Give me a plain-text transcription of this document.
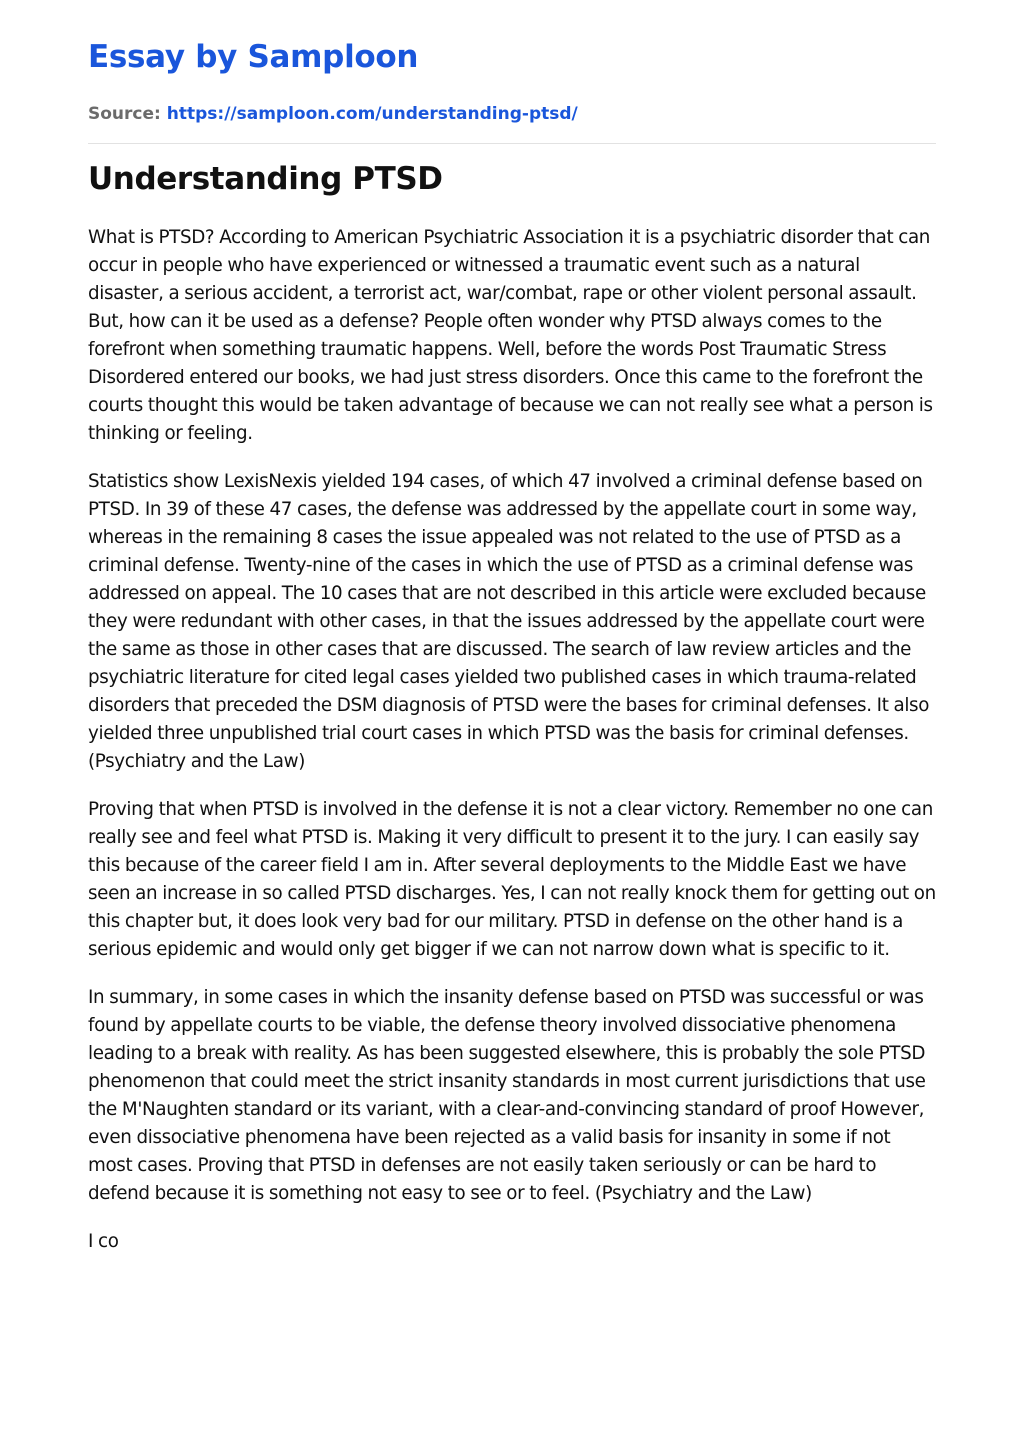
Essay by Samploon
Source: https://samploon.com/understanding-ptsd/
Understanding PTSD

What is PTSD? According to American Psychiatric Association it is a psychiatric disorder that can occur in people who have experienced or witnessed a traumatic event such as a natural disaster, a serious accident, a terrorist act, war/combat, rape or other violent personal assault. But, how can it be used as a defense? People often wonder why PTSD always comes to the forefront when something traumatic happens. Well, before the words Post Traumatic Stress Disordered entered our books, we had just stress disorders. Once this came to the forefront the courts thought this would be taken advantage of because we can not really see what a person is thinking or feeling.

Statistics show LexisNexis yielded 194 cases, of which 47 involved a criminal defense based on PTSD. In 39 of these 47 cases, the defense was addressed by the appellate court in some way, whereas in the remaining 8 cases the issue appealed was not related to the use of PTSD as a criminal defense. Twenty-nine of the cases in which the use of PTSD as a criminal defense was addressed on appeal. The 10 cases that are not described in this article were excluded because they were redundant with other cases, in that the issues addressed by the appellate court were the same as those in other cases that are discussed. The search of law review articles and the psychiatric literature for cited legal cases yielded two published cases in which trauma-related disorders that preceded the DSM diagnosis of PTSD were the bases for criminal defenses. It also yielded three unpublished trial court cases in which PTSD was the basis for criminal defenses. (Psychiatry and the Law)

Proving that when PTSD is involved in the defense it is not a clear victory. Remember no one can really see and feel what PTSD is. Making it very difficult to present it to the jury. I can easily say this because of the career field I am in. After several deployments to the Middle East we have seen an increase in so called PTSD discharges. Yes, I can not really knock them for getting out on this chapter but, it does look very bad for our military. PTSD in defense on the other hand is a serious epidemic and would only get bigger if we can not narrow down what is specific to it.

In summary, in some cases in which the insanity defense based on PTSD was successful or was found by appellate courts to be viable, the defense theory involved dissociative phenomena leading to a break with reality. As has been suggested elsewhere, this is probably the sole PTSD phenomenon that could meet the strict insanity standards in most current jurisdictions that use the M'Naughten standard or its variant, with a clear-and-convincing standard of proof However, even dissociative phenomena have been rejected as a valid basis for insanity in some if not most cases. Proving that PTSD in defenses are not easily taken seriously or can be hard to defend because it is something not easy to see or to feel. (Psychiatry and the Law)

I co
